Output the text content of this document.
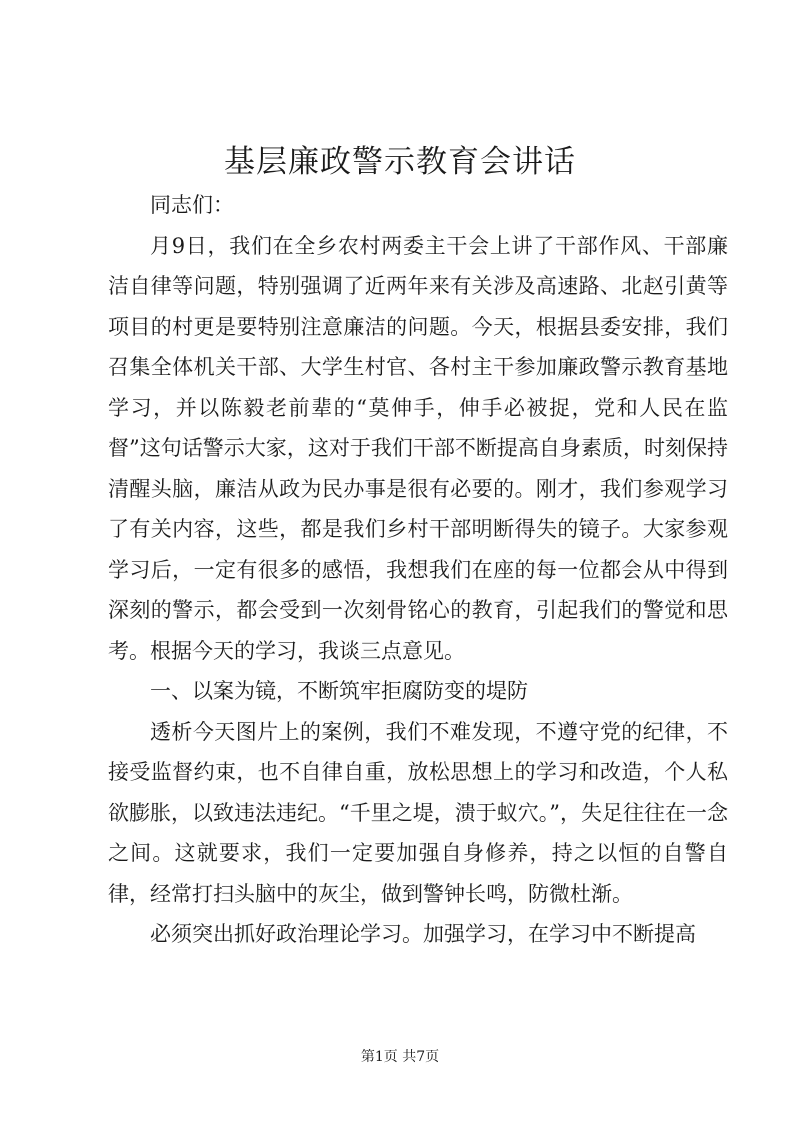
基层廉政警示教育会讲话

同志们：

月9日，我们在全乡农村两委主干会上讲了干部作风、干部廉洁自律等问题，特别强调了近两年来有关涉及高速路、北赵引黄等项目的村更是要特别注意廉洁的问题。今天，根据县委安排，我们召集全体机关干部、大学生村官、各村主干参加廉政警示教育基地学习，并以陈毅老前辈的“莫伸手，伸手必被捉，党和人民在监督”这句话警示大家，这对于我们干部不断提高自身素质，时刻保持清醒头脑，廉洁从政为民办事是很有必要的。刚才，我们参观学习了有关内容，这些，都是我们乡村干部明断得失的镜子。大家参观学习后，一定有很多的感悟，我想我们在座的每一位都会从中得到深刻的警示，都会受到一次刻骨铭心的教育，引起我们的警觉和思考。根据今天的学习，我谈三点意见。

一、以案为镜，不断筑牢拒腐防变的堤防

透析今天图片上的案例，我们不难发现，不遵守党的纪律，不接受监督约束，也不自律自重，放松思想上的学习和改造，个人私欲膨胀，以致违法违纪。“千里之堤，溃于蚁穴。”，失足往往在一念之间。这就要求，我们一定要加强自身修养，持之以恒的自警自律，经常打扫头脑中的灰尘，做到警钟长鸣，防微杜渐。

必须突出抓好政治理论学习。加强学习，在学习中不断提高

第1页 共7页
